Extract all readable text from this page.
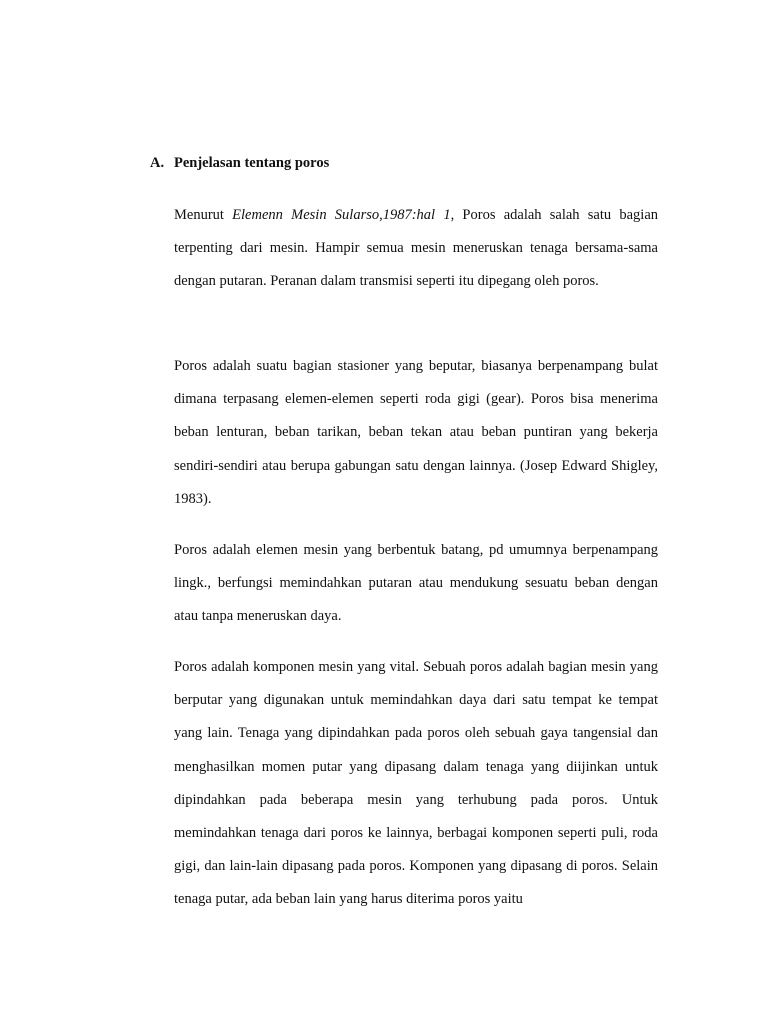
A. Penjelasan tentang poros

Menurut Elemenn Mesin Sularso,1987:hal 1, Poros adalah salah satu bagian terpenting dari mesin. Hampir semua mesin meneruskan tenaga bersama-sama dengan putaran. Peranan dalam transmisi seperti itu dipegang oleh poros.

Poros adalah suatu bagian stasioner yang beputar, biasanya berpenampang bulat dimana terpasang elemen-elemen seperti roda gigi (gear). Poros bisa menerima beban lenturan, beban tarikan, beban tekan atau beban puntiran yang bekerja sendiri-sendiri atau berupa gabungan satu dengan lainnya. (Josep Edward Shigley, 1983).

Poros adalah elemen mesin yang berbentuk batang, pd umumnya berpenampang lingk., berfungsi memindahkan putaran atau mendukung sesuatu beban dengan atau tanpa meneruskan daya.

Poros adalah komponen mesin yang vital. Sebuah poros adalah bagian mesin yang berputar yang digunakan untuk memindahkan daya dari satu tempat ke tempat yang lain. Tenaga yang dipindahkan pada poros oleh sebuah gaya tangensial dan menghasilkan momen putar yang dipasang dalam tenaga yang diijinkan untuk dipindahkan pada beberapa mesin yang terhubung pada poros. Untuk memindahkan tenaga dari poros ke lainnya, berbagai komponen seperti puli, roda gigi, dan lain-lain dipasang pada poros. Komponen yang dipasang di poros. Selain tenaga putar, ada beban lain yang harus diterima poros yaitu
